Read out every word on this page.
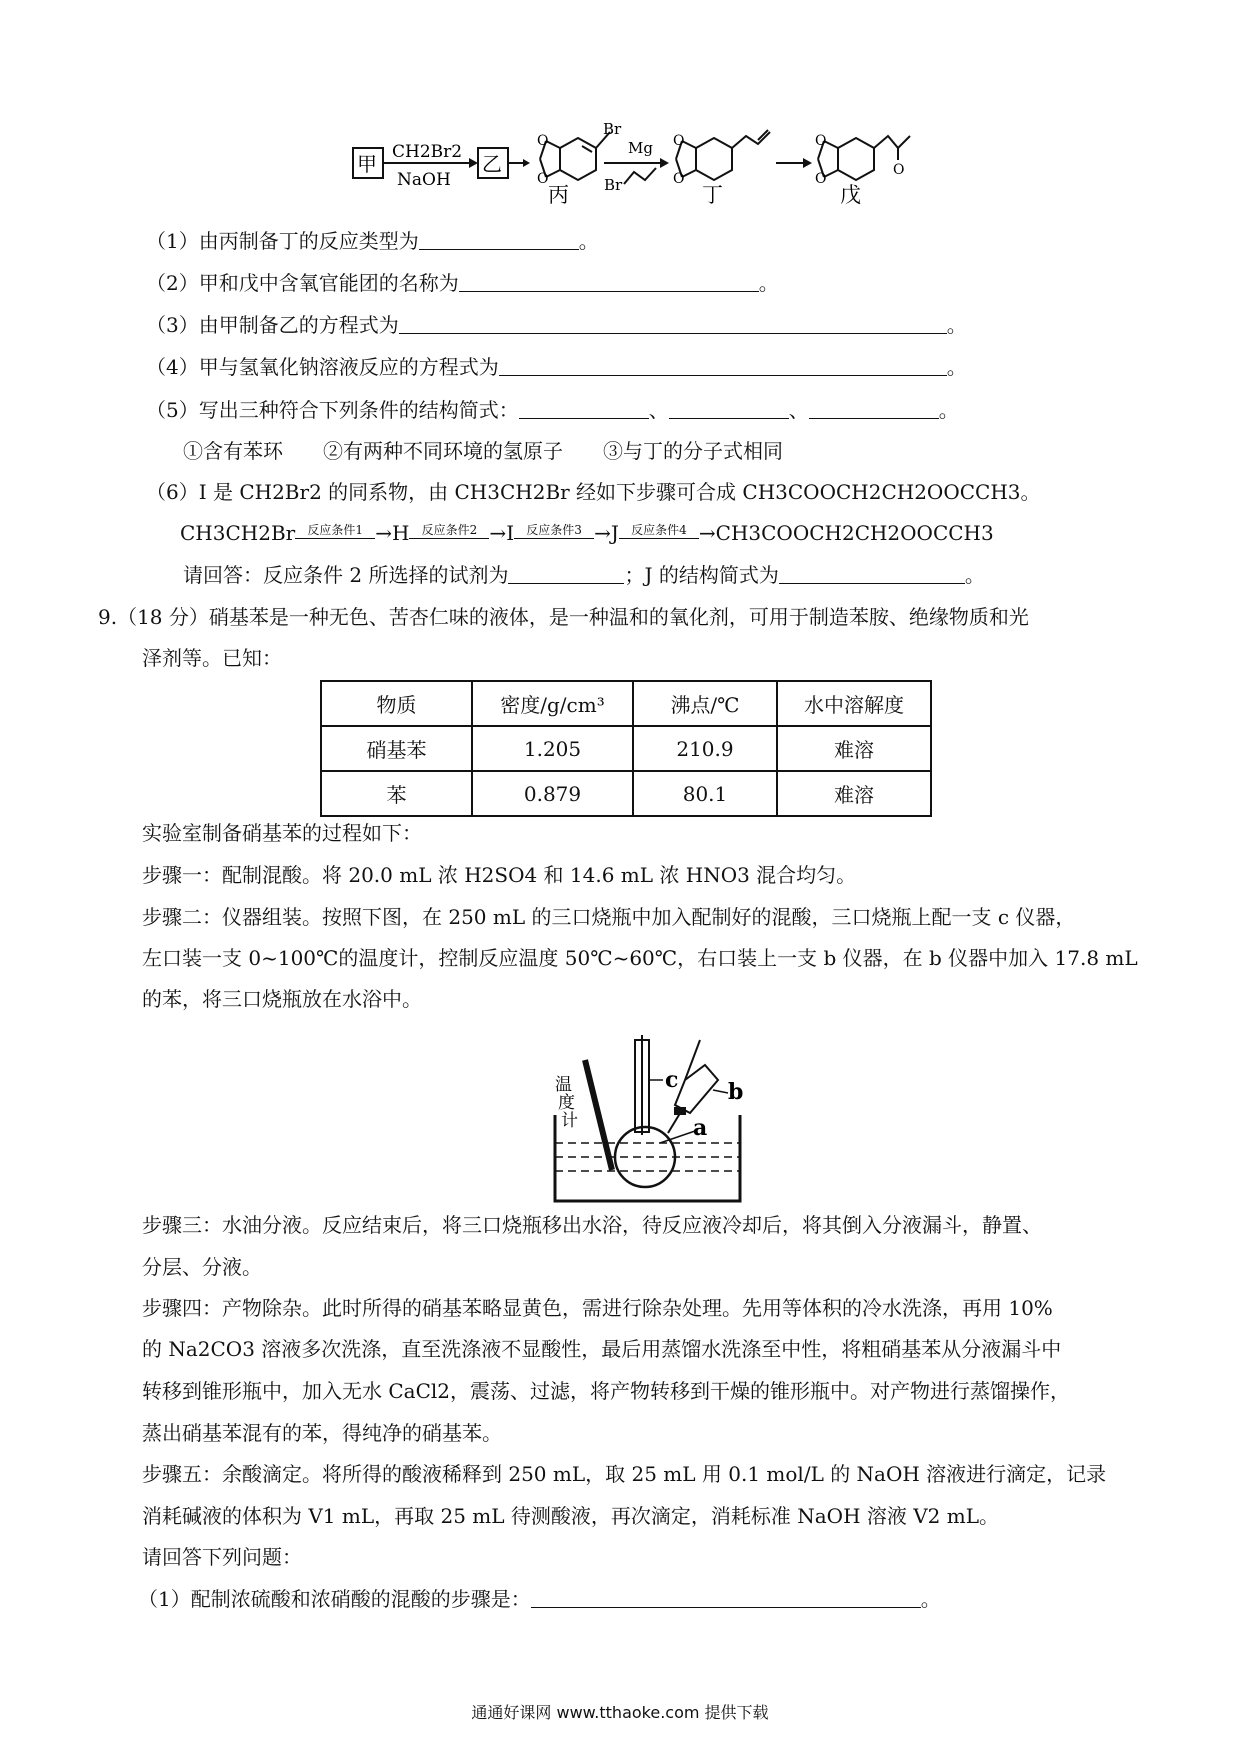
甲 CH2Br2
NaOH
乙
O
O
Br
丙
Mg
Br
O
O
丁
O
O
O
戊
（1）由丙制备丁的反应类型为	。
（2）甲和戊中含氧官能团的名称为	。
（3）由甲制备乙的方程式为	。
（4）甲与氢氧化钠溶液反应的方程式为	。
（5）写出三种符合下列条件的结构简式：	、	、	。
①含有苯环　　②有两种不同环境的氢原子　　③与丁的分子式相同
（6）I 是 CH2Br2 的同系物，由 CH3CH2Br 经如下步骤可合成 CH3COOCH2CH2OOCCH3。
CH3CH2Br 反应条件1 →H 反应条件2 →I 反应条件3 →J 反应条件4 →CH3COOCH2CH2OOCCH3
请回答：反应条件 2 所选择的试剂为	；J 的结构简式为	。
9.（18 分）硝基苯是一种无色、苦杏仁味的液体，是一种温和的氧化剂，可用于制造苯胺、绝缘物质和光
泽剂等。已知：
物质	密度/g/cm³	沸点/℃	水中溶解度
硝基苯	1.205	210.9	难溶
苯	0.879	80.1	难溶
实验室制备硝基苯的过程如下：
步骤一：配制混酸。将 20.0 mL 浓 H2SO4 和 14.6 mL 浓 HNO3 混合均匀。
步骤二：仪器组装。按照下图，在 250 mL 的三口烧瓶中加入配制好的混酸，三口烧瓶上配一支 c 仪器，
左口装一支 0~100℃的温度计，控制反应温度 50℃~60℃，右口装上一支 b 仪器，在 b 仪器中加入 17.8 mL
的苯，将三口烧瓶放在水浴中。
温
度
计
c b
a
步骤三：水油分液。反应结束后，将三口烧瓶移出水浴，待反应液冷却后，将其倒入分液漏斗，静置、
分层、分液。
步骤四：产物除杂。此时所得的硝基苯略显黄色，需进行除杂处理。先用等体积的冷水洗涤，再用 10%
的 Na2CO3 溶液多次洗涤，直至洗涤液不显酸性，最后用蒸馏水洗涤至中性，将粗硝基苯从分液漏斗中
转移到锥形瓶中，加入无水 CaCl2，震荡、过滤，将产物转移到干燥的锥形瓶中。对产物进行蒸馏操作，
蒸出硝基苯混有的苯，得纯净的硝基苯。
步骤五：余酸滴定。将所得的酸液稀释到 250 mL，取 25 mL 用 0.1 mol/L 的 NaOH 溶液进行滴定，记录
消耗碱液的体积为 V1 mL，再取 25 mL 待测酸液，再次滴定，消耗标准 NaOH 溶液 V2 mL。
请回答下列问题：
（1）配制浓硫酸和浓硝酸的混酸的步骤是：	。
通通好课网 www.tthaoke.com 提供下载
